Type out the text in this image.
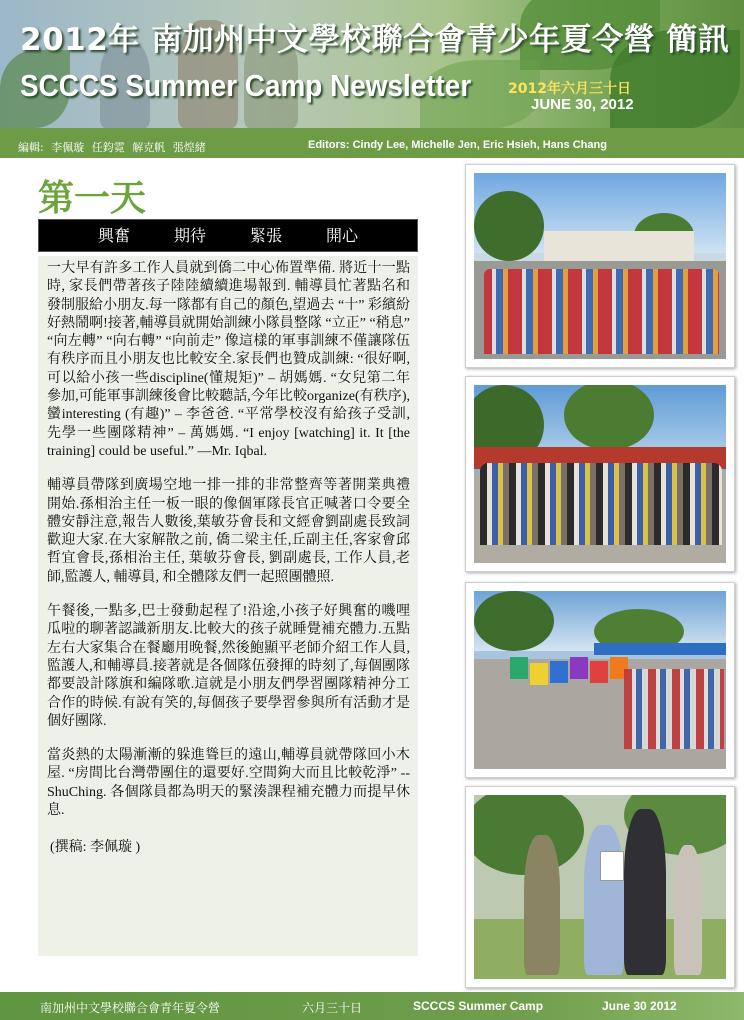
2012年 南加州中文學校聯合會青少年夏令營 簡訊
SCCCS Summer Camp Newsletter	2012年六月三十日
JUNE 30, 2012
編輯: 李佩璇 任鈞霓 解克帆 張煌緒	Editors: Cindy Lee, Michelle Jen, Eric Hsieh, Hans Chang
第一天
興奮	期待	緊張	開心

一大早有許多工作人員就到僑二中心佈置準備. 將近十一點時, 家長們帶著孩子陸陸續續進場報到. 輔導員忙著點名和發制服給小朋友.每一隊都有自己的顏色,望過去 “十” 彩繽紛好熱鬧啊!接著,輔導員就開始訓練小隊員整隊 “立正” “稍息” “向左轉” “向右轉” “向前走” 像這樣的軍事訓練不僅讓隊伍有秩序而且小朋友也比較安全.家長們也贊成訓練: “很好啊,可以給小孩一些discipline(懂規矩)” – 胡媽媽. “女兒第二年參加,可能軍事訓練後會比較聽話,今年比較organize(有秩序),蠻interesting (有趣)” – 李爸爸. “平常學校沒有給孩子受訓, 先學一些團隊精神” – 萬媽媽. “I enjoy [watching] it. It [the training] could be useful.” —Mr. Iqbal.

輔導員帶隊到廣場空地一排一排的非常整齊等著開業典禮開始.孫相治主任一板一眼的像個軍隊長官正喊著口令要全體安靜注意,報告人數後,葉敏芬會長和文經會劉副處長致詞歡迎大家.在大家解散之前, 僑二梁主任,丘副主任,客家會邱哲宜會長,孫相治主任, 葉敏芬會長, 劉副處長, 工作人員,老師,監護人, 輔導員, 和全體隊友們一起照團體照.

午餐後,一點多,巴士發動起程了!沿途,小孩子好興奮的嘰哩瓜啦的聊著認識新朋友.比較大的孩子就睡覺補充體力.五點左右大家集合在餐廳用晚餐,然後鮑顯平老師介紹工作人員,監護人,和輔導員.接著就是各個隊伍發揮的時刻了,每個團隊都要設計隊旗和編隊歌.這就是小朋友們學習團隊精神分工合作的時候.有說有笑的,每個孩子要學習參與所有活動才是個好團隊.

當炎熱的太陽漸漸的躲進聳巨的遠山,輔導員就帶隊回小木屋. “房間比台灣帶團住的還要好.空間夠大而且比較乾淨” -- ShuChing. 各個隊員都為明天的緊湊課程補充體力而提早休息.

(撰稿: 李佩璇 )
南加州中文學校聯合會青年夏令營	六月三十日	SCCCS Summer Camp	June 30 2012
